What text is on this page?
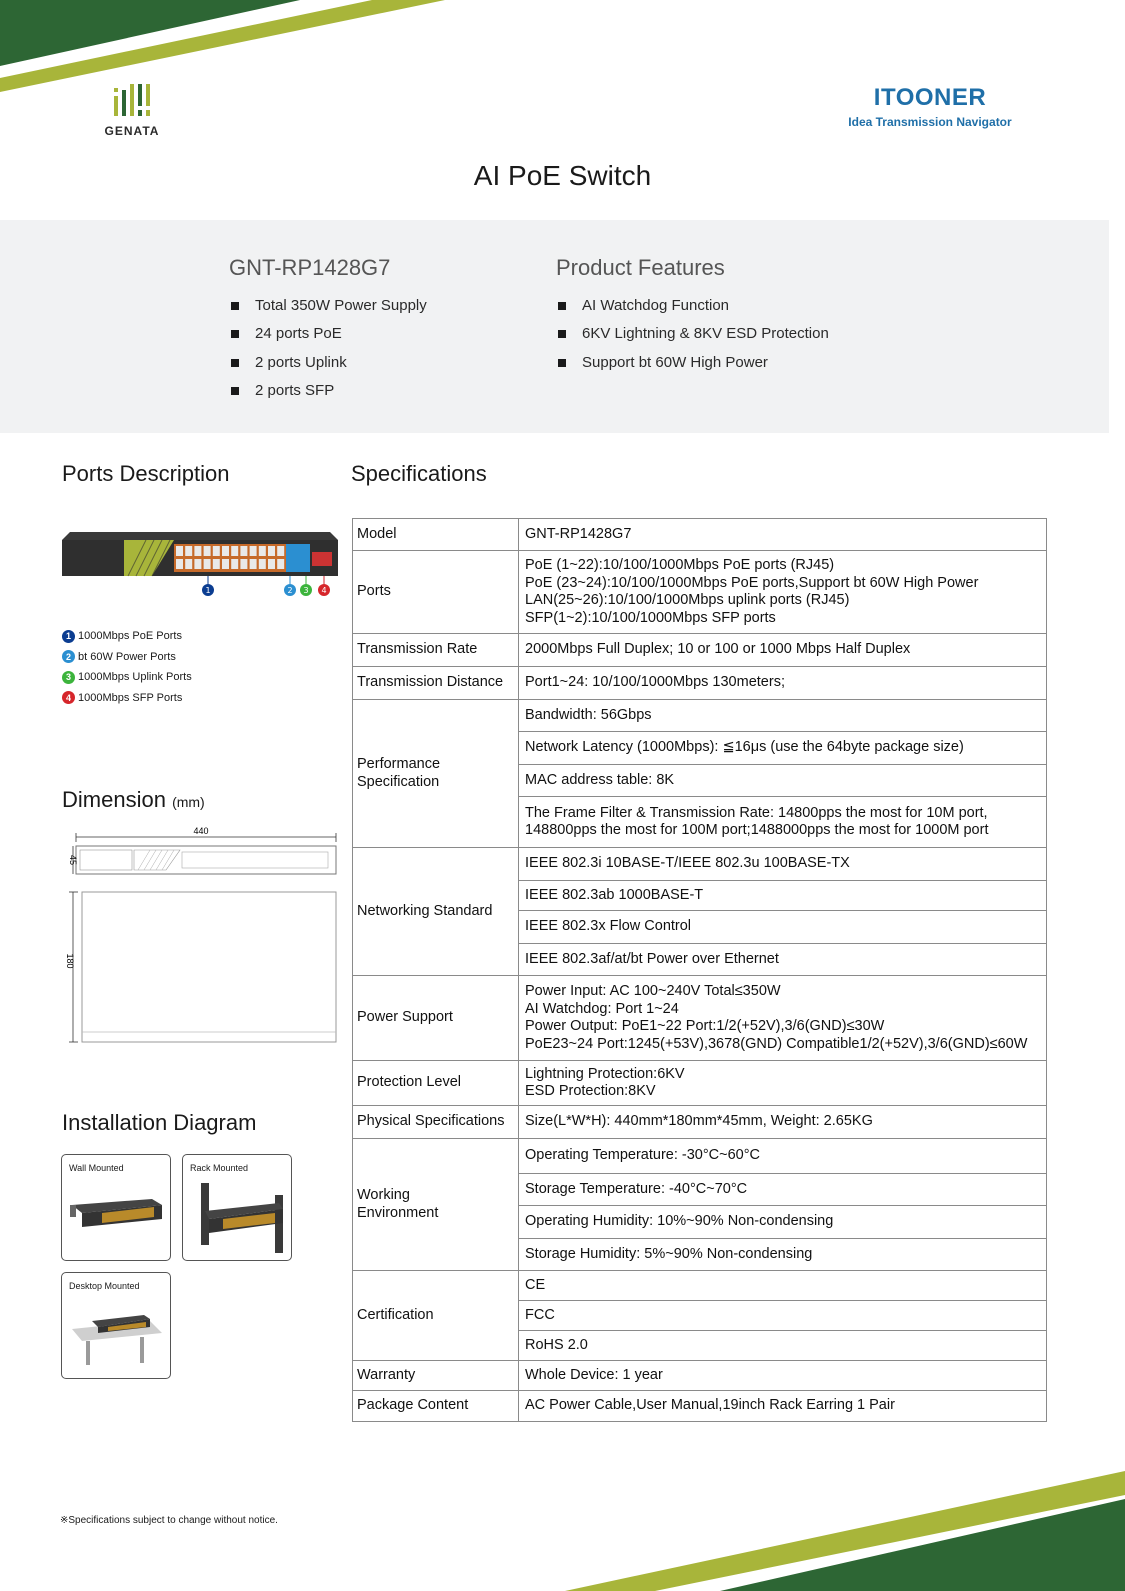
GENATA
ITOONER
Idea Transmission Navigator
AI PoE Switch
GNT-RP1428G7
Total 350W Power Supply
24 ports PoE
2 ports Uplink
2 ports SFP
Product Features
AI Watchdog Function
6KV Lightning & 8KV ESD Protection
Support bt 60W High Power
Ports Description
1	2 3 4
1 1000Mbps PoE Ports
2 bt 60W Power Ports
3 1000Mbps Uplink Ports
4 1000Mbps SFP Ports
Dimension (mm)
440
45
180
Installation Diagram
Wall Mounted	Rack Mounted
Desktop Mounted
※Specifications subject to change without notice.
Specifications
Model	GNT-RP1428G7
Ports	PoE (1~22):10/100/1000Mbps PoE ports (RJ45)
PoE (23~24):10/100/1000Mbps PoE ports,Support bt 60W High Power
LAN(25~26):10/100/1000Mbps uplink ports (RJ45)
SFP(1~2):10/100/1000Mbps SFP ports
Transmission Rate	2000Mbps Full Duplex; 10 or 100 or 1000 Mbps Half Duplex
Transmission Distance	Port1~24: 10/100/1000Mbps 130meters;
Performance
Specification	Bandwidth: 56Gbps
	Network Latency (1000Mbps): ≦16μs (use the 64byte package size)
	MAC address table: 8K
	The Frame Filter & Transmission Rate: 14800pps the most for 10M port,
148800pps the most for 100M port;1488000pps the most for 1000M port
Networking Standard	IEEE 802.3i 10BASE-T/IEEE 802.3u 100BASE-TX
	IEEE 802.3ab 1000BASE-T
	IEEE 802.3x Flow Control
	IEEE 802.3af/at/bt Power over Ethernet
Power Support	Power Input: AC 100~240V Total≤350W
AI Watchdog: Port 1~24
Power Output: PoE1~22 Port:1/2(+52V),3/6(GND)≤30W
PoE23~24 Port:1245(+53V),3678(GND) Compatible1/2(+52V),3/6(GND)≤60W
Protection Level	Lightning Protection:6KV
ESD Protection:8KV
Physical Specifications	Size(L*W*H): 440mm*180mm*45mm, Weight: 2.65KG
Working
Environment	Operating Temperature: -30°C~60°C
	Storage Temperature: -40°C~70°C
	Operating Humidity: 10%~90% Non-condensing
	Storage Humidity: 5%~90% Non-condensing
Certification	CE
	FCC
	RoHS 2.0
Warranty	Whole Device: 1 year
Package Content	AC Power Cable,User Manual,19inch Rack Earring 1 Pair
